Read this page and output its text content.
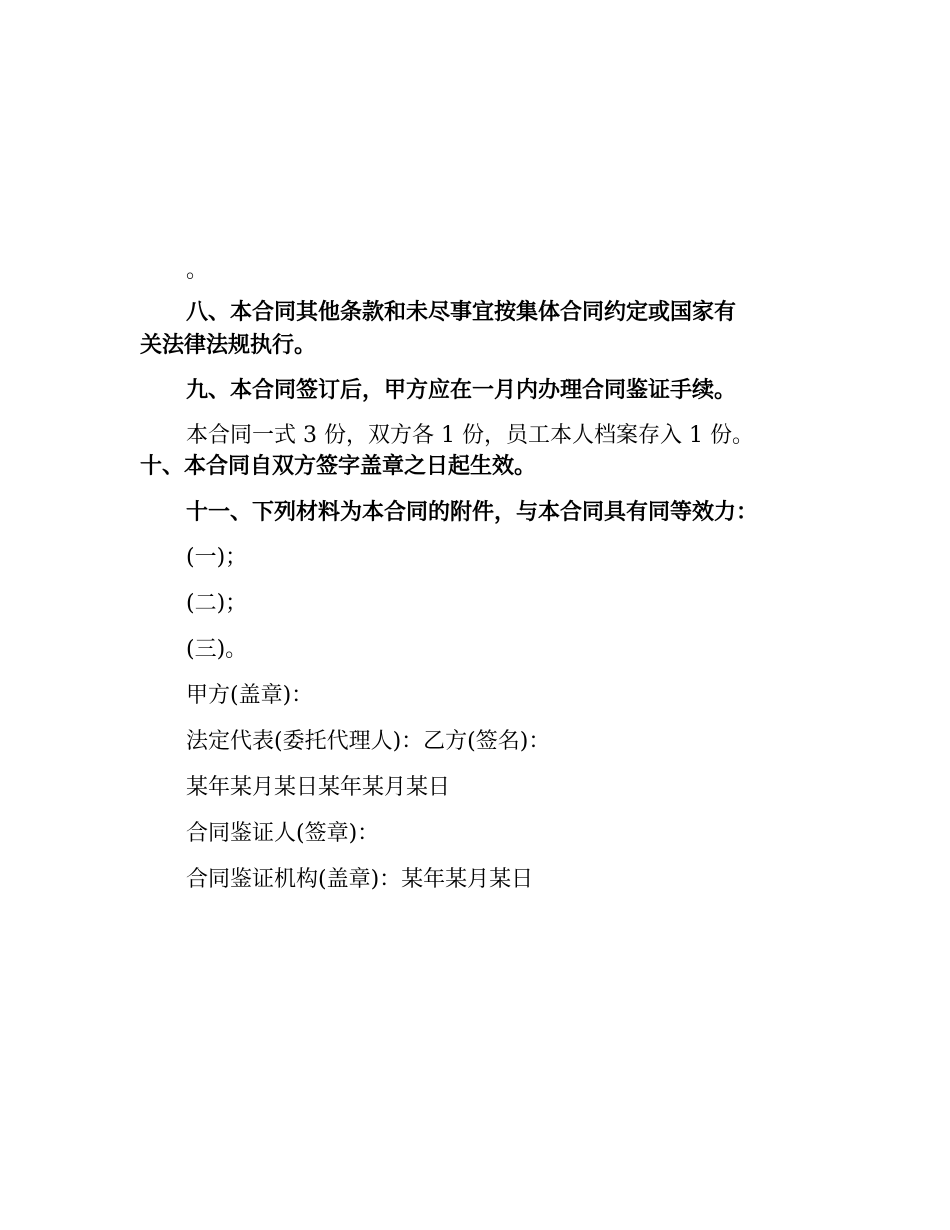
。
八、本合同其他条款和未尽事宜按集体合同约定或国家有
关法律法规执行。
九、本合同签订后，甲方应在一月内办理合同鉴证手续。
本合同一式 3 份，双方各 1 份，员工本人档案存入 1 份。
十、本合同自双方签字盖章之日起生效。
十一、下列材料为本合同的附件，与本合同具有同等效力：
(一)；
(二)；
(三)。
甲方(盖章)：
法定代表(委托代理人)：乙方(签名)：
某年某月某日某年某月某日
合同鉴证人(签章)：
合同鉴证机构(盖章)：某年某月某日
